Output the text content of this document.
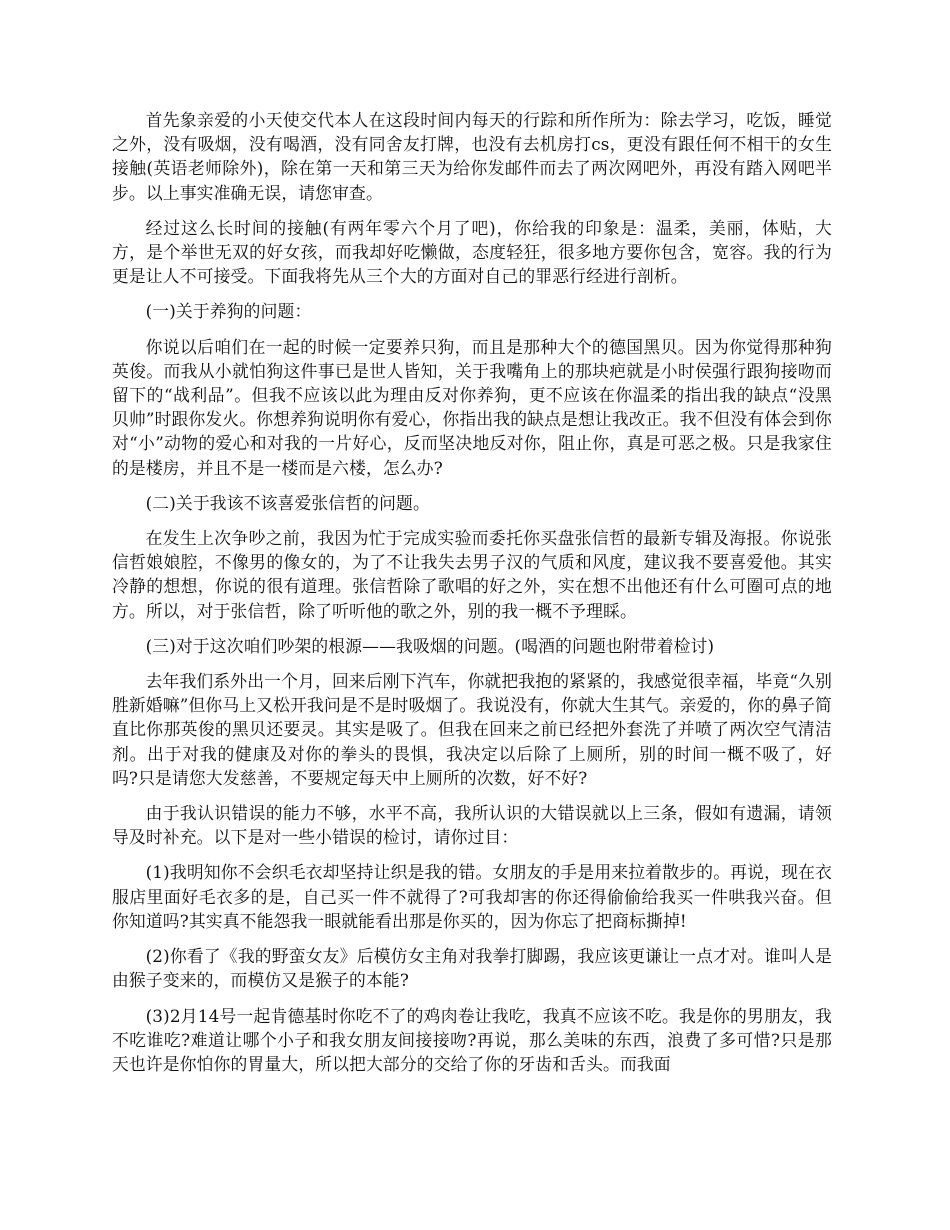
首先象亲爱的小天使交代本人在这段时间内每天的行踪和所作所为：除去学习，吃饭，睡觉之外，没有吸烟，没有喝酒，没有同舍友打牌，也没有去机房打cs，更没有跟任何不相干的女生接触(英语老师除外)，除在第一天和第三天为给你发邮件而去了两次网吧外，再没有踏入网吧半步。以上事实准确无误，请您审查。

经过这么长时间的接触(有两年零六个月了吧)，你给我的印象是：温柔，美丽，体贴，大方，是个举世无双的好女孩，而我却好吃懒做，态度轻狂，很多地方要你包含，宽容。我的行为更是让人不可接受。下面我将先从三个大的方面对自己的罪恶行经进行剖析。

(一)关于养狗的问题：

你说以后咱们在一起的时候一定要养只狗，而且是那种大个的德国黑贝。因为你觉得那种狗英俊。而我从小就怕狗这件事已是世人皆知，关于我嘴角上的那块疤就是小时侯强行跟狗接吻而留下的“战利品”。但我不应该以此为理由反对你养狗，更不应该在你温柔的指出我的缺点“没黑贝帅”时跟你发火。你想养狗说明你有爱心，你指出我的缺点是想让我改正。我不但没有体会到你对“小”动物的爱心和对我的一片好心，反而坚决地反对你，阻止你，真是可恶之极。只是我家住的是楼房，并且不是一楼而是六楼，怎么办?

(二)关于我该不该喜爱张信哲的问题。

在发生上次争吵之前，我因为忙于完成实验而委托你买盘张信哲的最新专辑及海报。你说张信哲娘娘腔，不像男的像女的，为了不让我失去男子汉的气质和风度，建议我不要喜爱他。其实冷静的想想，你说的很有道理。张信哲除了歌唱的好之外，实在想不出他还有什么可圈可点的地方。所以，对于张信哲，除了听听他的歌之外，别的我一概不予理睬。

(三)对于这次咱们吵架的根源——我吸烟的问题。(喝酒的问题也附带着检讨)

去年我们系外出一个月，回来后刚下汽车，你就把我抱的紧紧的，我感觉很幸福，毕竟“久别胜新婚嘛”但你马上又松开我问是不是时吸烟了。我说没有，你就大生其气。亲爱的，你的鼻子简直比你那英俊的黑贝还要灵。其实是吸了。但我在回来之前已经把外套洗了并喷了两次空气清洁剂。出于对我的健康及对你的拳头的畏惧，我决定以后除了上厕所，别的时间一概不吸了，好吗?只是请您大发慈善，不要规定每天中上厕所的次数，好不好?

由于我认识错误的能力不够，水平不高，我所认识的大错误就以上三条，假如有遗漏，请领导及时补充。以下是对一些小错误的检讨，请你过目：

(1)我明知你不会织毛衣却坚持让织是我的错。女朋友的手是用来拉着散步的。再说，现在衣服店里面好毛衣多的是，自己买一件不就得了?可我却害的你还得偷偷给我买一件哄我兴奋。但你知道吗?其实真不能怨我一眼就能看出那是你买的，因为你忘了把商标撕掉!

(2)你看了《我的野蛮女友》后模仿女主角对我拳打脚踢，我应该更谦让一点才对。谁叫人是由猴子变来的，而模仿又是猴子的本能?

(3)2月14号一起肯德基时你吃不了的鸡肉卷让我吃，我真不应该不吃。我是你的男朋友，我不吃谁吃?难道让哪个小子和我女朋友间接接吻?再说，那么美味的东西，浪费了多可惜?只是那天也许是你怕你的胃量大，所以把大部分的交给了你的牙齿和舌头。而我面
